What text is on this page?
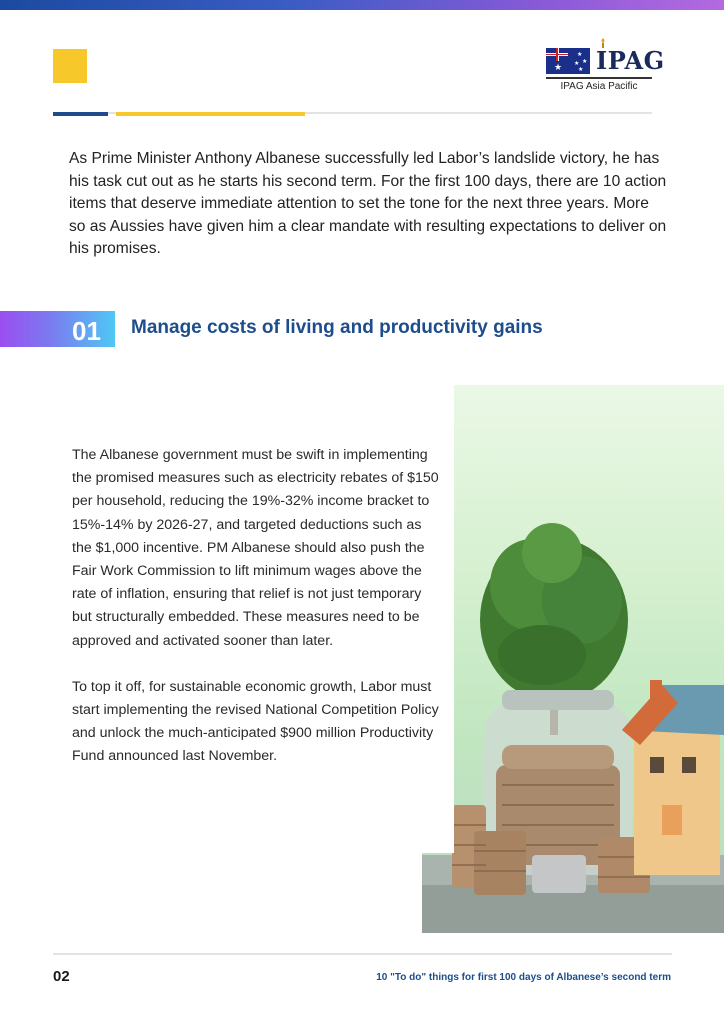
★
★
★
★
★ IPAG
IPAG Asia Pacific

As Prime Minister Anthony Albanese successfully led Labor’s landslide victory, he has his task cut out as he starts his second term. For the first 100 days, there are 10 action items that deserve immediate attention to set the tone for the next three years. More so as Aussies have given him a clear mandate with resulting expectations to deliver on his promises.

01 Manage costs of living and productivity gains

The Albanese government must be swift in implementing the promised measures such as electricity rebates of $150 per household, reducing the 19%-32% income bracket to 15%-14% by 2026-27, and targeted deductions such as the $1,000 incentive. PM Albanese should also push the Fair Work Commission to lift minimum wages above the rate of inflation, ensuring that relief is not just temporary but structurally embedded. These measures need to be approved and activated sooner than later.

To top it off, for sustainable economic growth, Labor must start implementing the revised National Competition Policy and unlock the much-anticipated $900 million Productivity Fund announced last November.

02	10 "To do" things for first 100 days of Albanese’s second term
